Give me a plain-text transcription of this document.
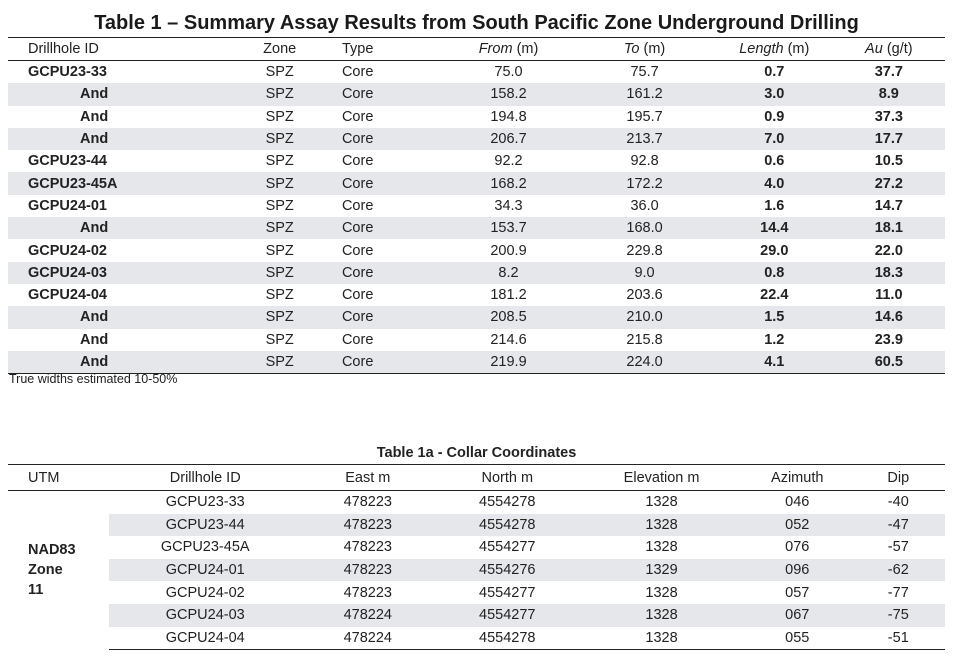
Table 1 – Summary Assay Results from South Pacific Zone Underground Drilling
Drillhole ID	Zone	Type	From (m)	To (m)	Length (m)	Au (g/t)
GCPU23-33	SPZ	Core	75.0	75.7	0.7	37.7
And	SPZ	Core	158.2	161.2	3.0	8.9
And	SPZ	Core	194.8	195.7	0.9	37.3
And	SPZ	Core	206.7	213.7	7.0	17.7
GCPU23-44	SPZ	Core	92.2	92.8	0.6	10.5
GCPU23-45A	SPZ	Core	168.2	172.2	4.0	27.2
GCPU24-01	SPZ	Core	34.3	36.0	1.6	14.7
And	SPZ	Core	153.7	168.0	14.4	18.1
GCPU24-02	SPZ	Core	200.9	229.8	29.0	22.0
GCPU24-03	SPZ	Core	8.2	9.0	0.8	18.3
GCPU24-04	SPZ	Core	181.2	203.6	22.4	11.0
And	SPZ	Core	208.5	210.0	1.5	14.6
And	SPZ	Core	214.6	215.8	1.2	23.9
And	SPZ	Core	219.9	224.0	4.1	60.5
True widths estimated 10-50%
Table 1a - Collar Coordinates
UTM	Drillhole ID	East m	North m	Elevation m	Azimuth	Dip
NAD83
Zone
11	GCPU23-33	478223	4554278	1328	046	-40
	GCPU23-44	478223	4554278	1328	052	-47
	GCPU23-45A	478223	4554277	1328	076	-57
	GCPU24-01	478223	4554276	1329	096	-62
	GCPU24-02	478223	4554277	1328	057	-77
	GCPU24-03	478224	4554277	1328	067	-75
	GCPU24-04	478224	4554278	1328	055	-51
